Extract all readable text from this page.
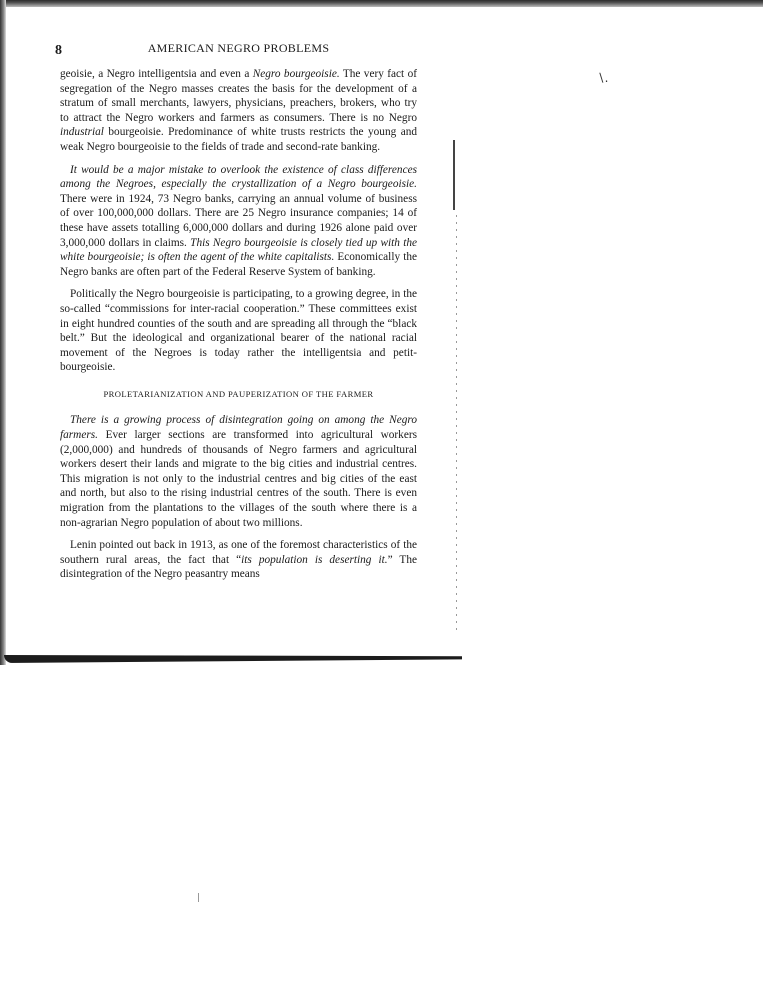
∖.
8	AMERICAN NEGRO PROBLEMS

geoisie, a Negro intelligentsia and even a Negro bourgeoisie. The very fact of segregation of the Negro masses creates the basis for the development of a stratum of small merchants, lawyers, physicians, preachers, brokers, who try to attract the Negro workers and farmers as consumers. There is no Negro industrial bourgeoisie. Predominance of white trusts restricts the young and weak Negro bourgeoisie to the fields of trade and second-rate banking.

It would be a major mistake to overlook the existence of class differences among the Negroes, especially the crystallization of a Negro bourgeoisie. There were in 1924, 73 Negro banks, carrying an annual volume of business of over 100,000,000 dollars. There are 25 Negro insurance companies; 14 of these have assets totalling 6,000,000 dollars and during 1926 alone paid over 3,000,000 dollars in claims. This Negro bourgeoisie is closely tied up with the white bourgeoisie; is often the agent of the white capitalists. Economically the Negro banks are often part of the Federal Reserve System of banking.

Politically the Negro bourgeoisie is participating, to a growing degree, in the so-called “commissions for inter-racial cooperation.” These committees exist in eight hundred counties of the south and are spreading all through the “black belt.” But the ideological and organizational bearer of the national racial movement of the Negroes is today rather the intelligentsia and petit-bourgeoisie.

PROLETARIANIZATION AND PAUPERIZATION OF THE FARMER

There is a growing process of disintegration going on among the Negro farmers. Ever larger sections are transformed into agricultural workers (2,000,000) and hundreds of thousands of Negro farmers and agricultural workers desert their lands and migrate to the big cities and industrial centres. This migration is not only to the industrial centres and big cities of the east and north, but also to the rising industrial centres of the south. There is even migration from the plantations to the villages of the south where there is a non-agrarian Negro population of about two millions.

Lenin pointed out back in 1913, as one of the foremost characteristics of the southern rural areas, the fact that “its population is deserting it.” The disintegration of the Negro peasantry means
